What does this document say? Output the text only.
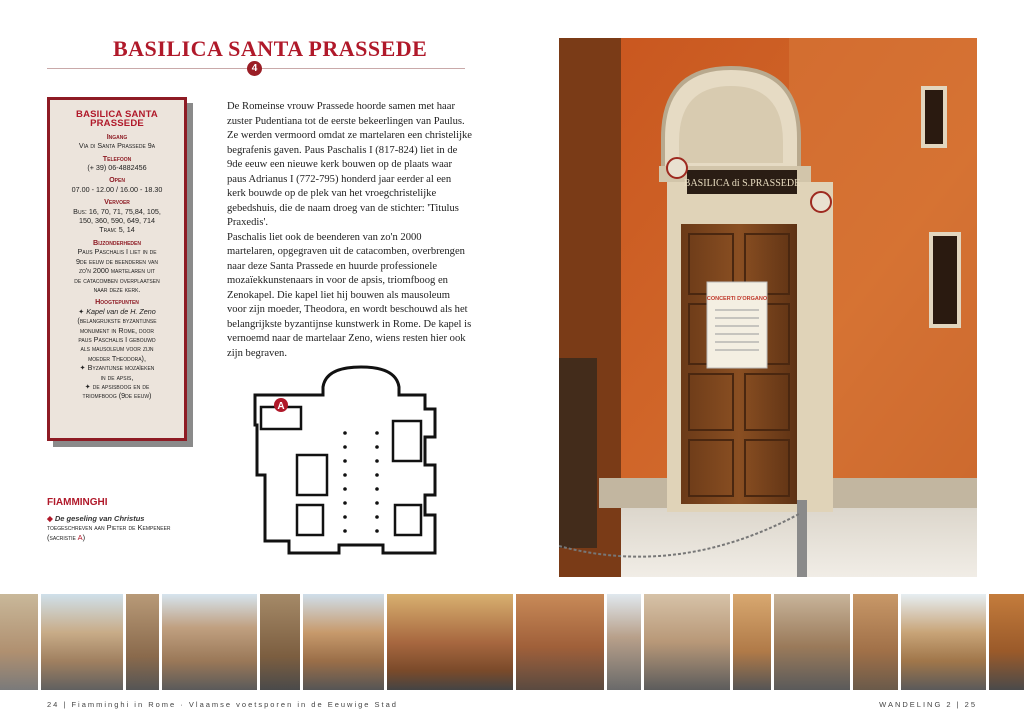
BASILICA SANTA PRASSEDE
4
BASILICA SANTA PRASSEDE
Ingang
Via di Santa Prassede 9a
Telefoon
(+ 39) 06-4882456
Open
07.00 - 12.00 / 16.00 - 18.30
Vervoer
Bus: 16, 70, 71, 75,84, 105,
150, 360, 590, 649, 714
Tram: 5, 14
Bijzonderheden
Paus Paschalis I liet in de
9de eeuw de beenderen van
zo'n 2000 martelaren uit
de catacomben overplaatsen
naar deze kerk.
Hoogtepunten
✦ Kapel van de H. Zeno
(belangrijkste byzantijnse
monument in Rome, door
paus Paschalis I gebouwd
als mausoleum voor zijn
moeder Theodora),
✦ Byzantijnse mozaïeken
in de apsis,
✦ de apsisboog en de
triomfboog (9de eeuw)

De Romeinse vrouw Prassede hoorde samen met haar zuster Pudentiana tot de eerste bekeerlingen van Paulus. Ze werden vermoord omdat ze martelaren een christelijke begrafenis gaven. Paus Paschalis I (817-824) liet in de 9de eeuw een nieuwe kerk bouwen op de plaats waar paus Adrianus I (772-795) honderd jaar eerder al een kerk bouwde op de plek van het vroegchristelijke gebedshuis, die de naam droeg van de stichter: 'Titulus Praxedis'.

Paschalis liet ook de beenderen van zo'n 2000 martelaren, opgegraven uit de catacomben, overbrengen naar deze Santa Prassede en huurde professionele mozaïekkunstenaars in voor de apsis, triomfboog en Zenokapel. Die kapel liet hij bouwen als mausoleum voor zijn moeder, Theodora, en wordt beschouwd als het belangrijkste byzantijnse kunstwerk in Rome. De kapel is vernoemd naar de martelaar Zeno, wiens resten hier ook zijn begraven.

A
FIAMMINGHI
◆ De geseling van Christus
toegeschreven aan Pieter de Kempeneer
(sacristie A)
BASILICA di S.PRASSEDE
CONCERTI D'ORGANO
24 | Fiamminghi in Rome · Vlaamse voetsporen in de Eeuwige Stad	WANDELING 2 | 25
